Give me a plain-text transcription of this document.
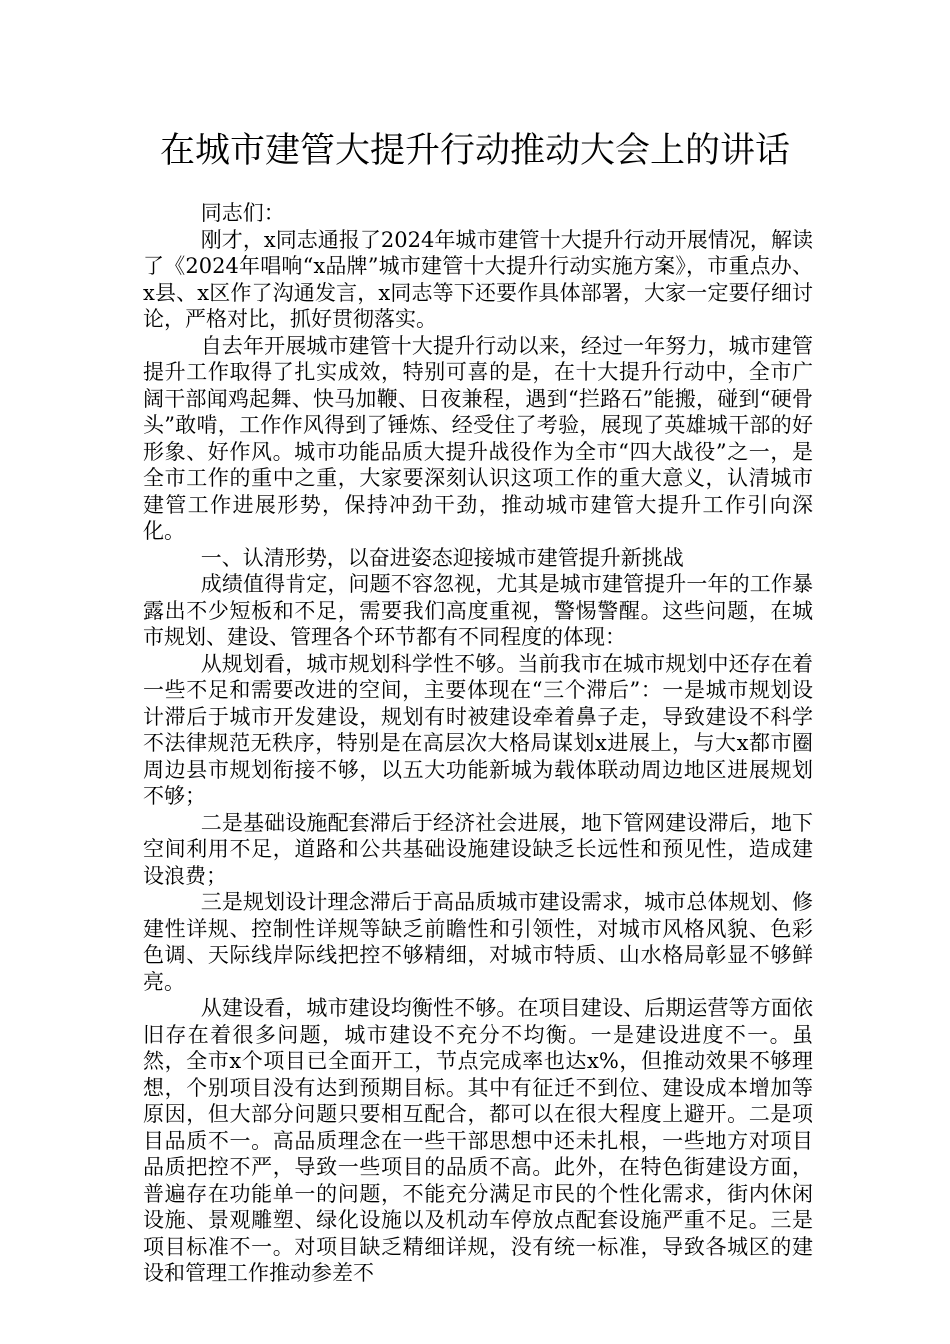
在城市建管大提升行动推动大会上的讲话

同志们：

刚才，x同志通报了2024年城市建管十大提升行动开展情况，解读了《2024年唱响“x品牌”城市建管十大提升行动实施方案》，市重点办、x县、x区作了沟通发言，x同志等下还要作具体部署，大家一定要仔细讨论，严格对比，抓好贯彻落实。

自去年开展城市建管十大提升行动以来，经过一年努力，城市建管提升工作取得了扎实成效，特别可喜的是，在十大提升行动中，全市广阔干部闻鸡起舞、快马加鞭、日夜兼程，遇到“拦路石”能搬，碰到“硬骨头”敢啃，工作作风得到了锤炼、经受住了考验，展现了英雄城干部的好形象、好作风。城市功能品质大提升战役作为全市“四大战役”之一，是全市工作的重中之重，大家要深刻认识这项工作的重大意义，认清城市建管工作进展形势，保持冲劲干劲，推动城市建管大提升工作引向深化。

一、认清形势，以奋进姿态迎接城市建管提升新挑战

成绩值得肯定，问题不容忽视，尤其是城市建管提升一年的工作暴露出不少短板和不足，需要我们高度重视，警惕警醒。这些问题，在城市规划、建设、管理各个环节都有不同程度的体现：

从规划看，城市规划科学性不够。当前我市在城市规划中还存在着一些不足和需要改进的空间，主要体现在“三个滞后”：一是城市规划设计滞后于城市开发建设，规划有时被建设牵着鼻子走，导致建设不科学不法律规范无秩序，特别是在高层次大格局谋划x进展上，与大x都市圈周边县市规划衔接不够，以五大功能新城为载体联动周边地区进展规划不够；

二是基础设施配套滞后于经济社会进展，地下管网建设滞后，地下空间利用不足，道路和公共基础设施建设缺乏长远性和预见性，造成建设浪费；

三是规划设计理念滞后于高品质城市建设需求，城市总体规划、修建性详规、控制性详规等缺乏前瞻性和引领性，对城市风格风貌、色彩色调、天际线岸际线把控不够精细，对城市特质、山水格局彰显不够鲜亮。

从建设看，城市建设均衡性不够。在项目建设、后期运营等方面依旧存在着很多问题，城市建设不充分不均衡。一是建设进度不一。虽然，全市x个项目已全面开工，节点完成率也达x%，但推动效果不够理想，个别项目没有达到预期目标。其中有征迁不到位、建设成本增加等原因，但大部分问题只要相互配合，都可以在很大程度上避开。二是项目品质不一。高品质理念在一些干部思想中还未扎根，一些地方对项目品质把控不严，导致一些项目的品质不高。此外，在特色街建设方面，普遍存在功能单一的问题，不能充分满足市民的个性化需求，街内休闲设施、景观雕塑、绿化设施以及机动车停放点配套设施严重不足。三是项目标准不一。对项目缺乏精细详规，没有统一标准，导致各城区的建设和管理工作推动参差不
